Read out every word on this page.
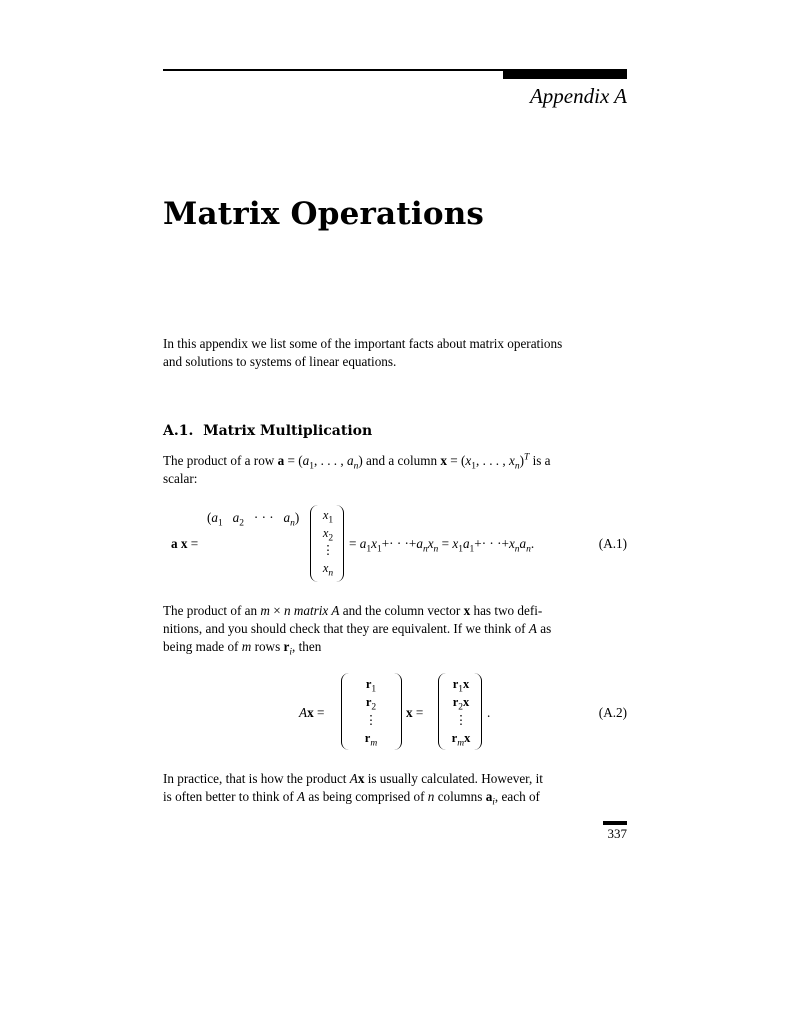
Appendix A
Matrix Operations
In this appendix we list some of the important facts about matrix operations
and solutions to systems of linear equations.
A.1. Matrix Multiplication
The product of a row $a = (a_1$, . . . , $a_n$) and a column $x = (x_1$, . . . , $x_n)^T$ is a
scalar:
a x =
($a_1$ $a_2$   · · ·   $a_n$)	$x_1$
$x_2$
⋮
$x_n$
= $a_1x_1+\cdot \cdot \cdot+a_nx_n = x_1a_1+\cdot \cdot \cdot+x_na_n$.	(A.1)
The product of an m × n matrix A and the column vector x has two defi-
nitions, and you should check that they are equivalent. If we think of A as
being made of m rows $r_i$, then
Ax =
$r_1$
$r_2$
⋮
$r_m$
x =
$r_1x$
$r_2x$
⋮
$r_mx$
.	(A.2)
In practice, that is how the product Ax is usually calculated. However, it
is often better to think of A as being comprised of n columns $a_i$, each of
337
